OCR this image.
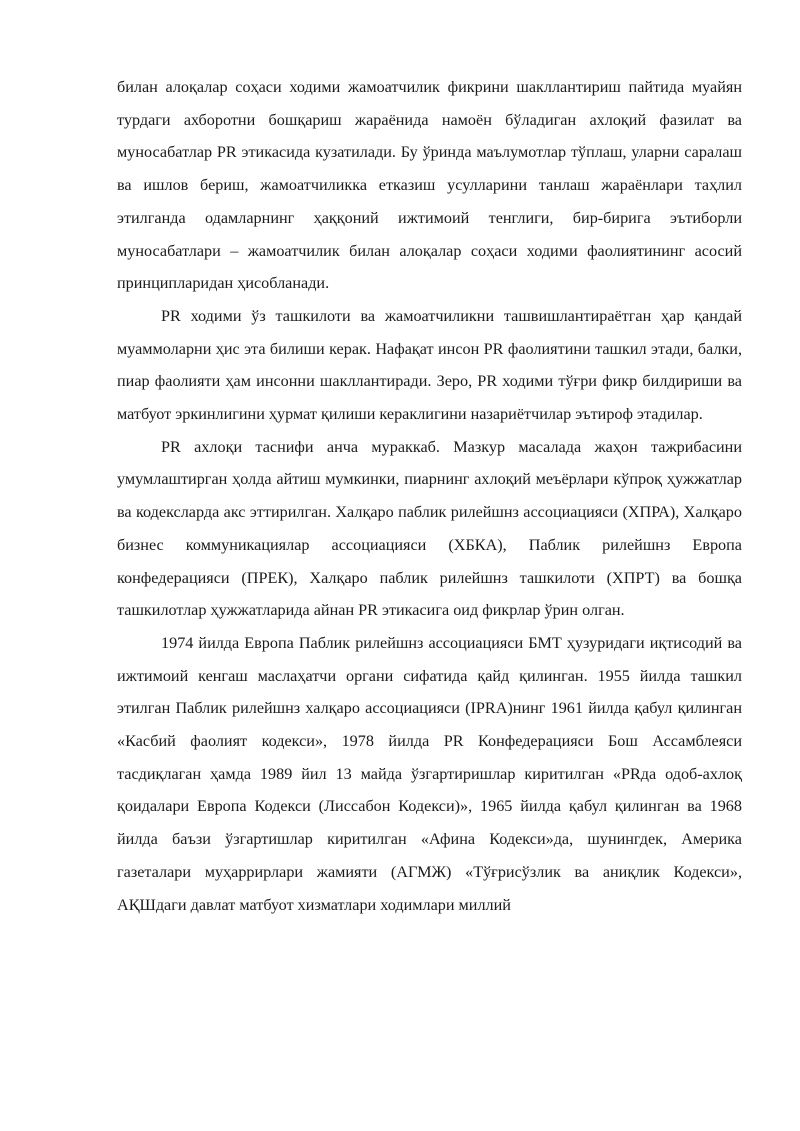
билан алоқалар соҳаси ходими жамоатчилик фикрини шакллантириш пайтида муайян турдаги ахборотни бошқариш жараёнида намоён бўладиган ахлоқий фазилат ва муносабатлар PR этикасида кузатилади. Бу ўринда маълумотлар тўплаш, уларни саралаш ва ишлов бериш, жамоатчиликка етказиш усулларини танлаш жараёнлари таҳлил этилганда одамларнинг ҳаққоний ижтимоий тенглиги, бир-бирига эътиборли муносабатлари – жамоатчилик билан алоқалар соҳаси ходими фаолиятининг асосий принципларидан ҳисобланади.

PR ходими ўз ташкилоти ва жамоатчиликни ташвишлантираётган ҳар қандай муаммоларни ҳис эта билиши керак. Нафақат инсон PR фаолиятини ташкил этади, балки, пиар фаолияти ҳам инсонни шакллантиради. Зеро, PR ходими тўғри фикр билдириши ва матбуот эркинлигини ҳурмат қилиши кераклигини назариётчилар эътироф этадилар.

PR ахлоқи таснифи анча мураккаб. Мазкур масалада жаҳон тажрибасини умумлаштирган ҳолда айтиш мумкинки, пиарнинг ахлоқий меъёрлари кўпроқ ҳужжатлар ва кодексларда акс эттирилган. Халқаро паблик рилейшнз ассоциацияси (ХПРА), Халқаро бизнес коммуникациялар ассоциацияси (ХБКА), Паблик рилейшнз Европа конфедерацияси (ПРЕК), Халқаро паблик рилейшнз ташкилоти (ХПРТ) ва бошқа ташкилотлар ҳужжатларида айнан PR этикасига оид фикрлар ўрин олган.

1974 йилда Европа Паблик рилейшнз ассоциацияси БМТ ҳузуридаги иқтисодий ва ижтимоий кенгаш маслаҳатчи органи сифатида қайд қилинган. 1955 йилда ташкил этилган Паблик рилейшнз халқаро ассоциацияси (IPRA)нинг 1961 йилда қабул қилинган «Касбий фаолият кодекси», 1978 йилда PR Конфедерацияси Бош Ассамблеяси тасдиқлаган ҳамда 1989 йил 13 майда ўзгартиришлар киритилган «PRда одоб-ахлоқ қоидалари Европа Кодекси (Лиссабон Кодекси)», 1965 йилда қабул қилинган ва 1968 йилда баъзи ўзгартишлар киритилган «Афина Кодекси»да, шунингдек, Америка газеталари муҳаррирлари жамияти (АГМЖ) «Тўғрисўзлик ва аниқлик Кодекси», АҚШдаги давлат матбуот хизматлари ходимлари миллий
